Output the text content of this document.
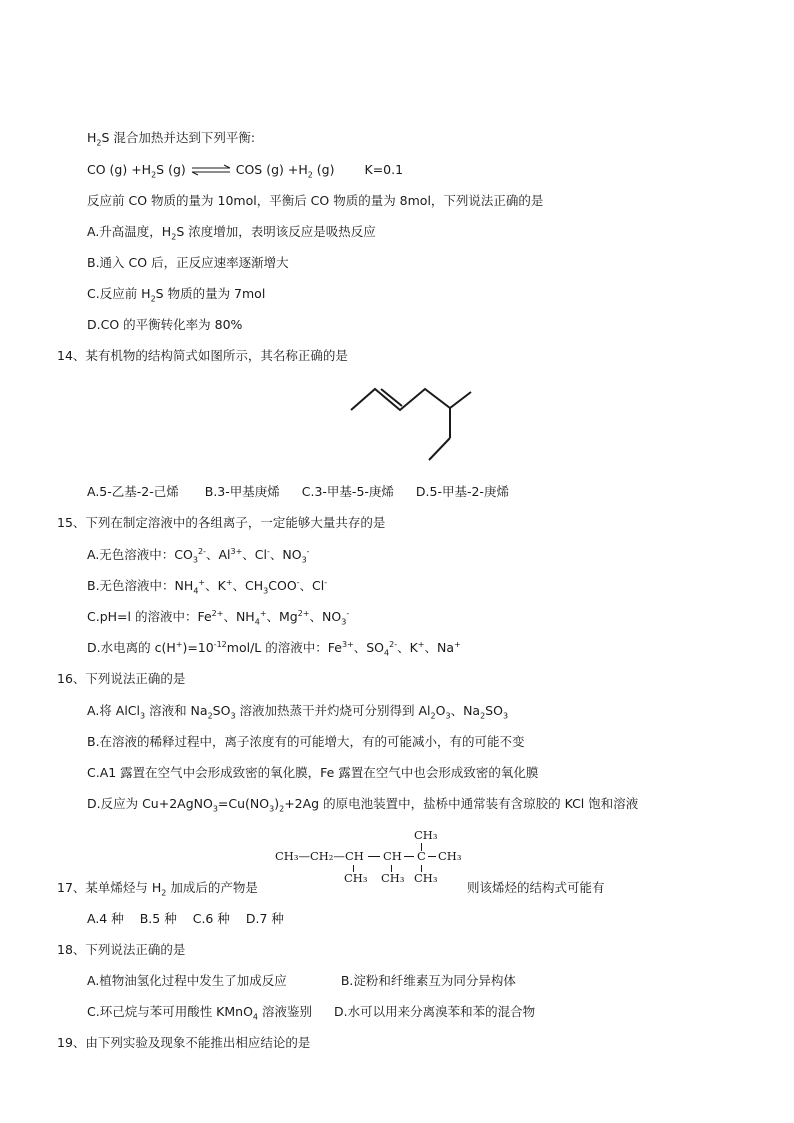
$H_2S$ 混合加热并达到下列平衡:
CO $(g) +H_2S$ (g) ⇌ COS $(g) +H_2$ (g) K=0.1
反应前 CO 物质的量为 10mol，平衡后 CO 物质的量为 8mol，下列说法正确的是
A.升高温度，$H_2S$ 浓度增加，表明该反应是吸热反应
B.通入 CO 后，正反应速率逐渐增大
C.反应前 $H_2S$ 物质的量为 7mol
D.CO 的平衡转化率为 80%
14、某有机物的结构简式如图所示，其名称正确的是
A.5-乙基-2-己烯 B.3-甲基庚烯 C.3-甲基-5-庚烯 D.5-甲基-2-庚烯
15、下列在制定溶液中的各组离子，一定能够大量共存的是
A.无色溶液中：$CO_3^{2-}$、$Al^{3+}$、Cl-、$NO_3^-$
B.无色溶液中：$NH_4^+$、K+、$CH_3COO^-$、Cl-
C.pH=l 的溶液中：$Fe^{2+}$、$NH_4^+$、$Mg^{2+}$、$NO_3^-$
D.水电离的 $c(H^+)=10^{-12}mol/L$ 的溶液中：$Fe^{3+}$、$SO_4^{2-}$、K+、Na+
16、下列说法正确的是
A.将 AlCl$_3$ 溶液和 $Na_2SO_3$ 溶液加热蒸干并灼烧可分别得到 $Al_2O_3$、$Na_2SO_3$
B.在溶液的稀释过程中，离子浓度有的可能增大，有的可能减小，有的可能不变
C.A1 露置在空气中会形成致密的氧化膜，Fe 露置在空气中也会形成致密的氧化膜
D.反应为 $Cu+2AgNO_3=Cu(NO_3)_2+2Ag$ 的原电池装置中，盐桥中通常装有含琼胶的 KCl 饱和溶液
CH₃
CH₃—CH₂— CH CH C CH₃
CH₃ CH₃ CH₃
17、某单烯烃与 $H_2$ 加成后的产物是	则该烯烃的结构式可能有
A.4 种 B.5 种 C.6 种 D.7 种
18、下列说法正确的是
A.植物油氢化过程中发生了加成反应	B.淀粉和纤维素互为同分异构体
C.环己烷与苯可用酸性 KMnO$_4$ 溶液鉴别 D.水可以用来分离溴苯和苯的混合物
19、由下列实验及现象不能推出相应结论的是
